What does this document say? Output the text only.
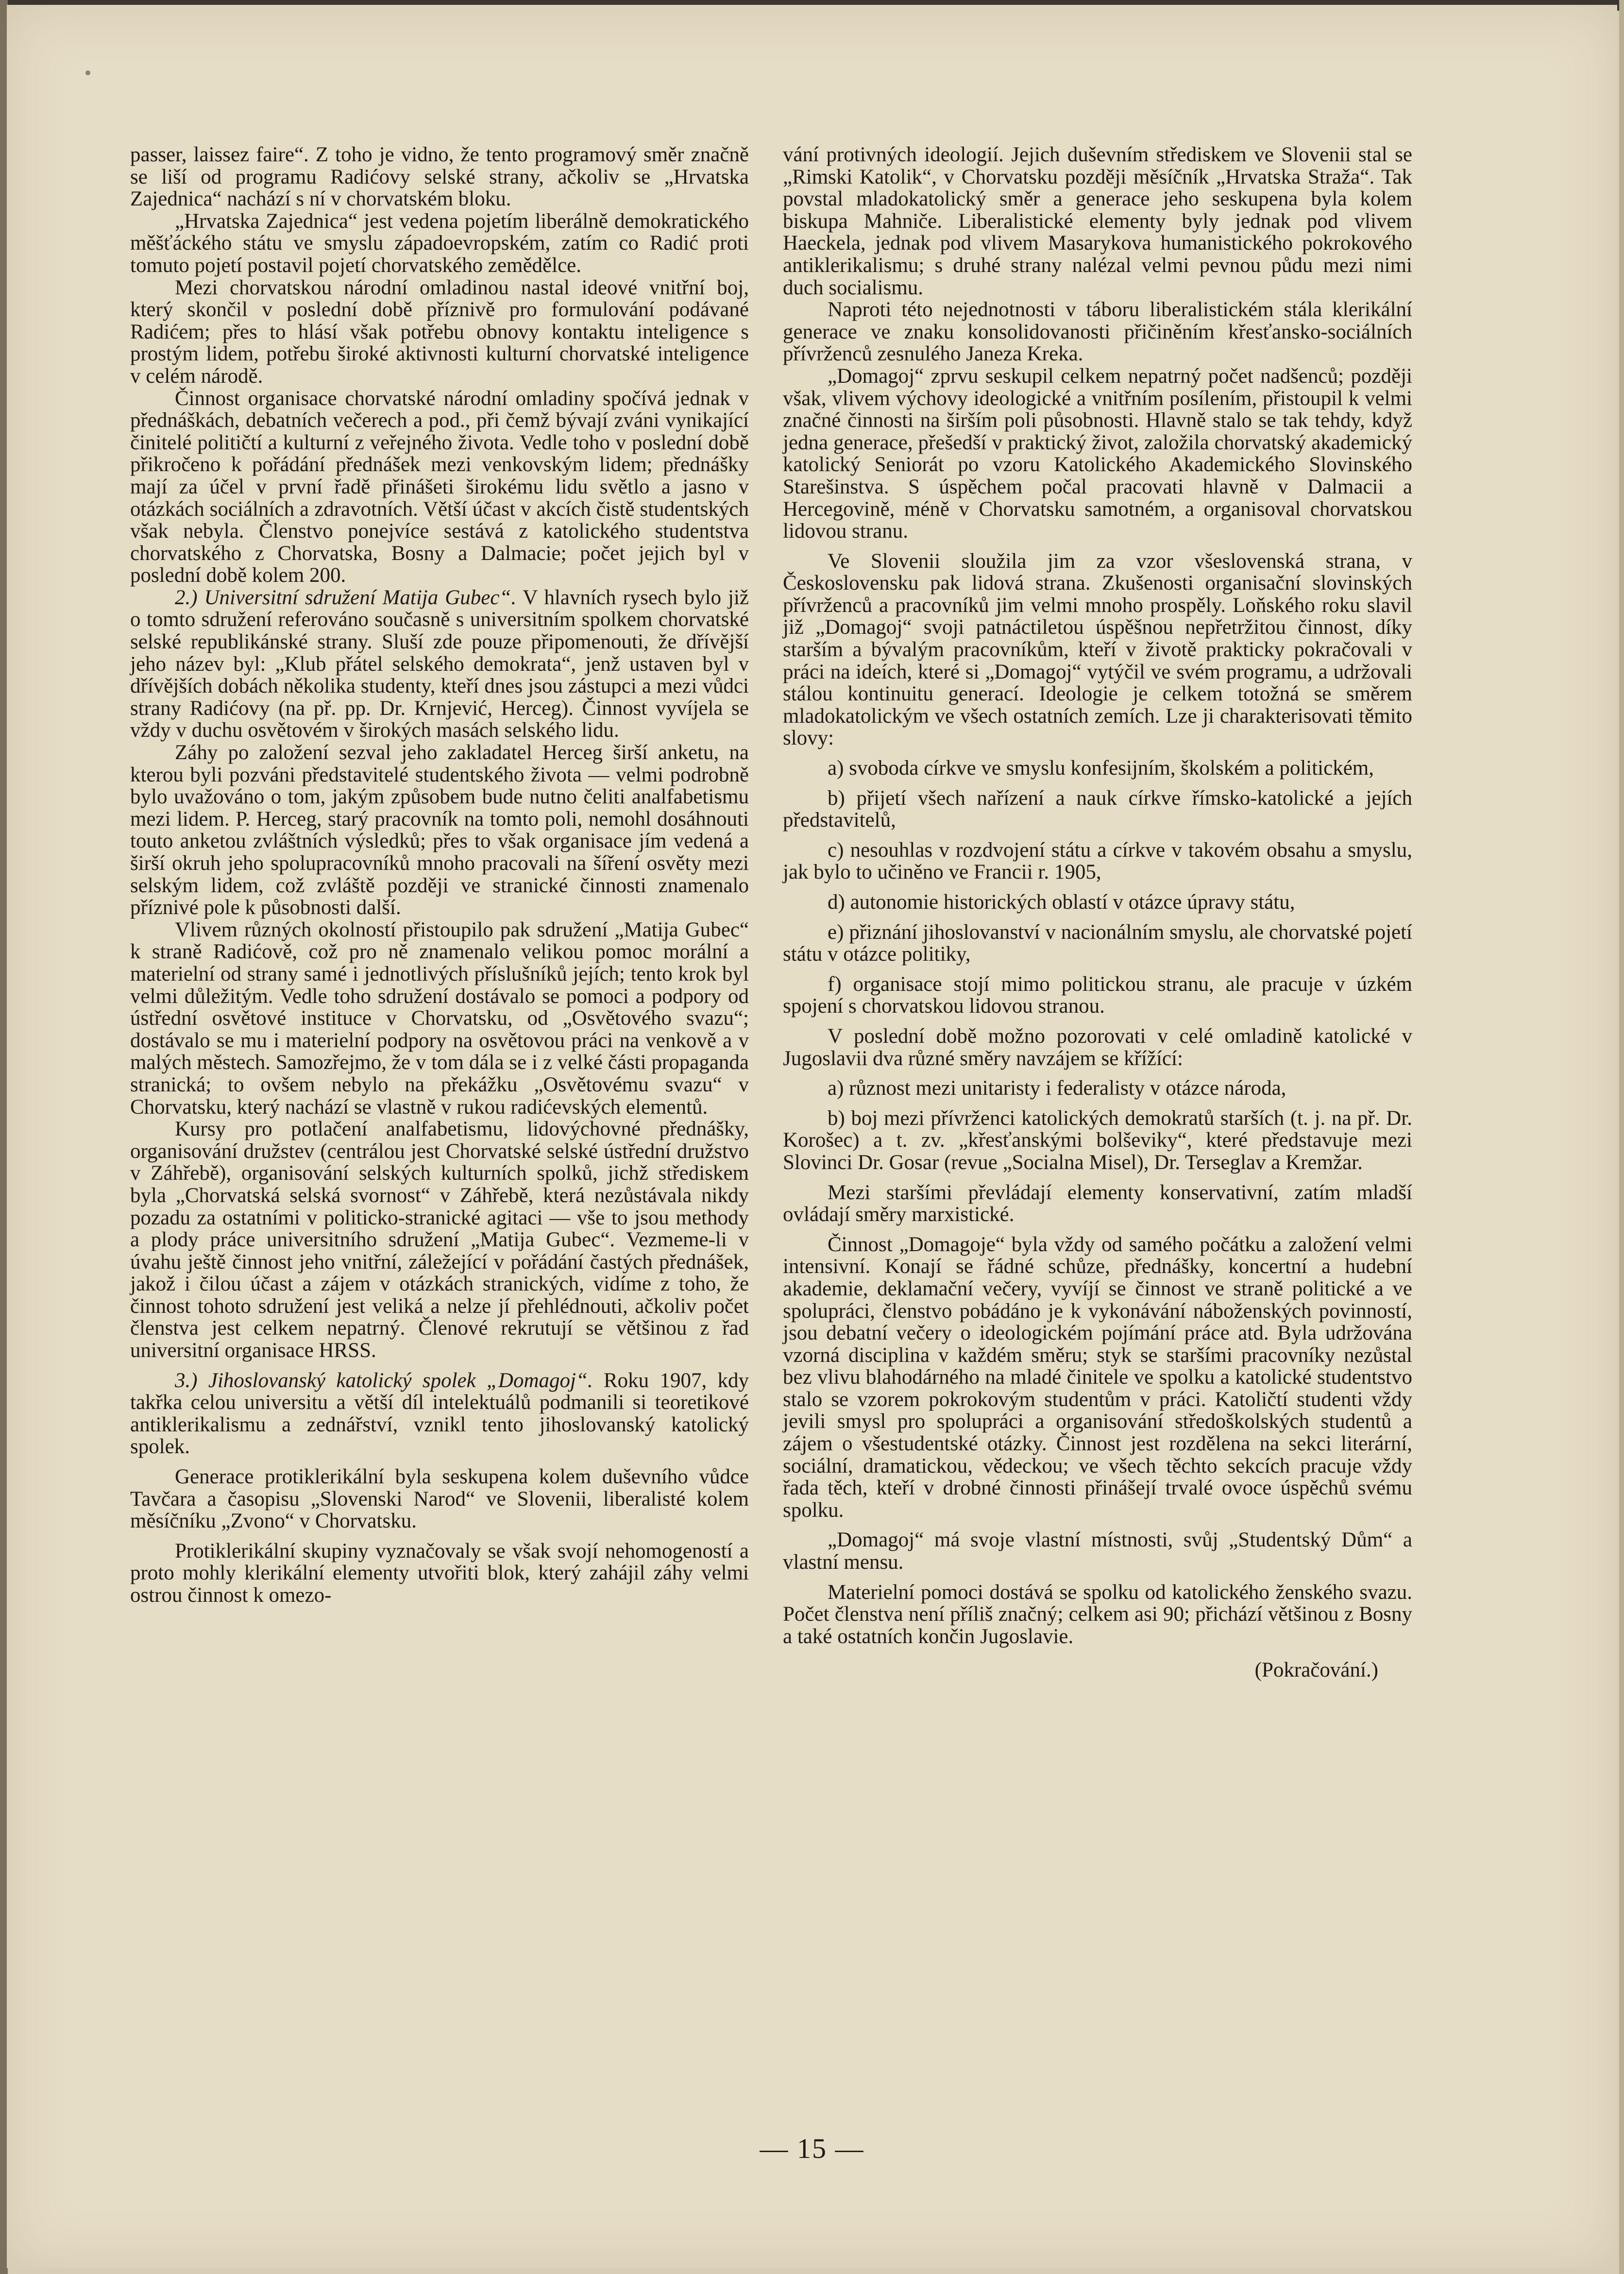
passer, laissez faire“. Z toho je vidno, že tento programový směr značně se liší od programu Radićovy selské strany, ačkoliv se „Hrvatska Zajednica“ nachází s ní v chorvatském bloku.

„Hrvatska Zajednica“ jest vedena pojetím liberálně demokratického měšťáckého státu ve smyslu západoevropském, zatím co Radić proti tomuto pojetí postavil pojetí chorvatského zemědělce.

Mezi chorvatskou národní omladinou nastal ideové vnitřní boj, který skončil v poslední době příznivě pro formulování podávané Radićem; přes to hlásí však potřebu obnovy kontaktu inteligence s prostým lidem, potřebu široké aktivnosti kulturní chorvatské inteligence v celém národě.

Činnost organisace chorvatské národní omladiny spočívá jednak v přednáškách, debatních večerech a pod., při čemž bývají zváni vynikající činitelé političtí a kulturní z veřejného života. Vedle toho v poslední době přikročeno k pořádání přednášek mezi venkovským lidem; přednášky mají za účel v první řadě přinášeti širokému lidu světlo a jasno v otázkách sociálních a zdravotních. Větší účast v akcích čistě studentských však nebyla. Členstvo ponejvíce sestává z katolického studentstva chorvatského z Chorvatska, Bosny a Dalmacie; počet jejich byl v poslední době kolem 200.

2.) Universitní sdružení Matija Gubec“. V hlavních rysech bylo již o tomto sdružení referováno současně s universitním spolkem chorvatské selské republikánské strany. Sluší zde pouze připomenouti, že dřívější jeho název byl: „Klub přátel selského demokrata“, jenž ustaven byl v dřívějších dobách několika studenty, kteří dnes jsou zástupci a mezi vůdci strany Radićovy (na př. pp. Dr. Krnjević, Herceg). Činnost vyvíjela se vždy v duchu osvětovém v širokých masách selského lidu.

Záhy po založení sezval jeho zakladatel Herceg širší anketu, na kterou byli pozváni představitelé studentského života — velmi podrobně bylo uvažováno o tom, jakým způsobem bude nutno čeliti analfabetismu mezi lidem. P. Herceg, starý pracovník na tomto poli, nemohl dosáhnouti touto anketou zvláštních výsledků; přes to však organisace jím vedená a širší okruh jeho spolupracovníků mnoho pracovali na šíření osvěty mezi selským lidem, což zvláště později ve stranické činnosti znamenalo příznivé pole k působnosti další.

Vlivem různých okolností přistoupilo pak sdružení „Matija Gubec“ k straně Radićově, což pro ně znamenalo velikou pomoc morální a materielní od strany samé i jednotlivých příslušníků jejích; tento krok byl velmi důležitým. Vedle toho sdružení dostávalo se pomoci a podpory od ústřední osvětové instituce v Chorvatsku, od „Osvětového svazu“; dostávalo se mu i materielní podpory na osvětovou práci na venkově a v malých městech. Samozřejmo, že v tom dála se i z velké části propaganda stranická; to ovšem nebylo na překážku „Osvětovému svazu“ v Chorvatsku, který nachází se vlastně v rukou radićevských elementů.

Kursy pro potlačení analfabetismu, lidovýchovné přednášky, organisování družstev (centrálou jest Chorvatské selské ústřední družstvo v Záhřebě), organisování selských kulturních spolků, jichž střediskem byla „Chorvatská selská svornost“ v Záhřebě, která nezůstávala nikdy pozadu za ostatními v politicko-stranické agitaci — vše to jsou methody a plody práce universitního sdružení „Matija Gubec“. Vezmeme-li v úvahu ještě činnost jeho vnitřní, záležející v pořádání častých přednášek, jakož i čilou účast a zájem v otázkách stranických, vidíme z toho, že činnost tohoto sdružení jest veliká a nelze jí přehlédnouti, ačkoliv počet členstva jest celkem nepatrný. Členové rekrutují se většinou z řad universitní organisace HRSS.

3.) Jihoslovanský katolický spolek „Domagoj“. Roku 1907, kdy takřka celou universitu a větší díl intelektuálů podmanili si teoretikové antiklerikalismu a zednářství, vznikl tento jihoslovanský katolický spolek.

Generace protiklerikální byla seskupena kolem duševního vůdce Tavčara a časopisu „Slovenski Narod“ ve Slovenii, liberalisté kolem měsíčníku „Zvono“ v Chorvatsku.

Protiklerikální skupiny vyznačovaly se však svojí nehomogeností a proto mohly klerikální elementy utvořiti blok, který zahájil záhy velmi ostrou činnost k omezo-

vání protivných ideologií. Jejich duševním střediskem ve Slovenii stal se „Rimski Katolik“, v Chorvatsku později měsíčník „Hrvatska Straža“. Tak povstal mladokatolický směr a generace jeho seskupena byla kolem biskupa Mahniče. Liberalistické elementy byly jednak pod vlivem Haeckela, jednak pod vlivem Masarykova humanistického pokrokového antiklerikalismu; s druhé strany nalézal velmi pevnou půdu mezi nimi duch socialismu.

Naproti této nejednotnosti v táboru liberalistickém stála klerikální generace ve znaku konsolidovanosti přičiněním křesťansko-sociálních přívrženců zesnulého Janeza Kreka.

„Domagoj“ zprvu seskupil celkem nepatrný počet nadšenců; později však, vlivem výchovy ideologické a vnitřním posílením, přistoupil k velmi značné činnosti na širším poli působnosti. Hlavně stalo se tak tehdy, když jedna generace, přešedší v praktický život, založila chorvatský akademický katolický Seniorát po vzoru Katolického Akademického Slovinského Starešinstva. S úspěchem počal pracovati hlavně v Dalmacii a Hercegovině, méně v Chorvatsku samotném, a organisoval chorvatskou lidovou stranu.

Ve Slovenii sloužila jim za vzor všeslovenská strana, v Československu pak lidová strana. Zkušenosti organisační slovinských přívrženců a pracovníků jim velmi mnoho prospěly. Loňského roku slavil již „Domagoj“ svoji patnáctiletou úspěšnou nepřetržitou činnost, díky starším a bývalým pracovníkům, kteří v životě prakticky pokračovali v práci na ideích, které si „Domagoj“ vytýčil ve svém programu, a udržovali stálou kontinuitu generací. Ideologie je celkem totožná se směrem mladokatolickým ve všech ostatních zemích. Lze ji charakterisovati těmito slovy:

a) svoboda církve ve smyslu konfesijním, školském a politickém,

b) přijetí všech nařízení a nauk církve římsko-katolické a jejích představitelů,

c) nesouhlas v rozdvojení státu a církve v takovém obsahu a smyslu, jak bylo to učiněno ve Francii r. 1905,

d) autonomie historických oblastí v otázce úpravy státu,

e) přiznání jihoslovanství v nacionálním smyslu, ale chorvatské pojetí státu v otázce politiky,

f) organisace stojí mimo politickou stranu, ale pracuje v úzkém spojení s chorvatskou lidovou stranou.

V poslední době možno pozorovati v celé omladině katolické v Jugoslavii dva různé směry navzájem se křížící:

a) různost mezi unitaristy i federalisty v otázce národa,

b) boj mezi přívrženci katolických demokratů starších (t. j. na př. Dr. Korošec) a t. zv. „křesťanskými bolševiky“, které představuje mezi Slovinci Dr. Gosar (revue „Socialna Misel), Dr. Terseglav a Kremžar.

Mezi staršími převládají elementy konservativní, zatím mladší ovládají směry marxistické.

Činnost „Domagoje“ byla vždy od samého počátku a založení velmi intensivní. Konají se řádné schůze, přednášky, koncertní a hudební akademie, deklamační večery, vyvíjí se činnost ve straně politické a ve spolupráci, členstvo pobádáno je k vykonávání náboženských povinností, jsou debatní večery o ideologickém pojímání práce atd. Byla udržována vzorná disciplina v každém směru; styk se staršími pracovníky nezůstal bez vlivu blahodárného na mladé činitele ve spolku a katolické studentstvo stalo se vzorem pokrokovým studentům v práci. Katoličtí studenti vždy jevili smysl pro spolupráci a organisování středoškolských studentů a zájem o všestudentské otázky. Činnost jest rozdělena na sekci literární, sociální, dramatickou, vědeckou; ve všech těchto sekcích pracuje vždy řada těch, kteří v drobné činnosti přinášejí trvalé ovoce úspěchů svému spolku.

„Domagoj“ má svoje vlastní místnosti, svůj „Studentský Dům“ a vlastní mensu.

Materielní pomoci dostává se spolku od katolického ženského svazu. Počet členstva není příliš značný; celkem asi 90; přichází většinou z Bosny a také ostatních končin Jugoslavie.

(Pokračování.)

— 15 —
